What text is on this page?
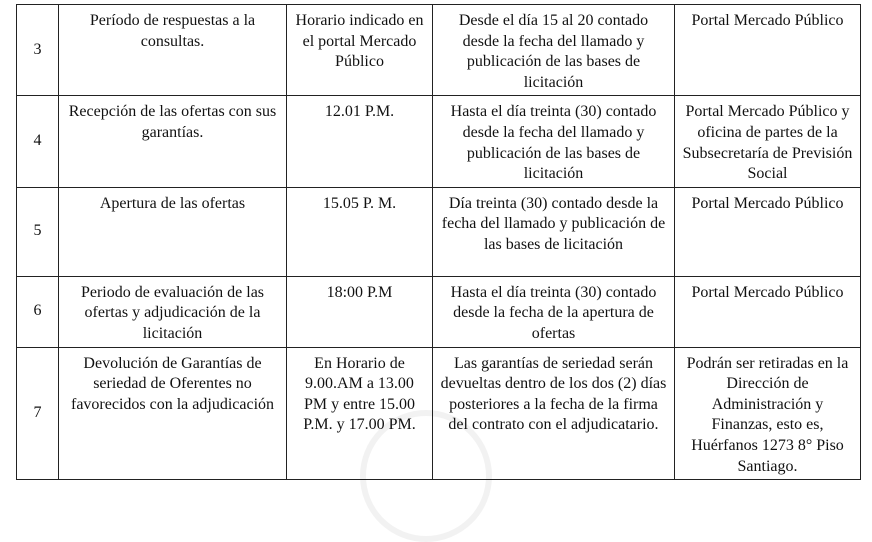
3	Período de respuestas a la consultas.	Horario indicado en el portal Mercado Público	Desde el día 15 al 20 contado desde la fecha del llamado y publicación de las bases de licitación	Portal Mercado Público
4	Recepción de las ofertas con sus garantías.	12.01 P.M.	Hasta el día treinta (30) contado desde la fecha del llamado y publicación de las bases de licitación	Portal Mercado Público y oficina de partes de la Subsecretaría de Previsión Social
5	Apertura de las ofertas	15.05 P. M.	Día treinta (30) contado desde la fecha del llamado y publicación de las bases de licitación	Portal Mercado Público
6	Periodo de evaluación de las ofertas y adjudicación de la licitación	18:00 P.M	Hasta el día treinta (30) contado desde la fecha de la apertura de ofertas	Portal Mercado Público
7	Devolución de Garantías de seriedad de Oferentes no favorecidos con la adjudicación	En Horario de 9.00.AM a 13.00 PM y entre 15.00 P.M. y 17.00 PM.	Las garantías de seriedad serán devueltas dentro de los dos (2) días posteriores a la fecha de la firma del contrato con el adjudicatario.	Podrán ser retiradas en la Dirección de Administración y Finanzas, esto es, Huérfanos 1273 8° Piso Santiago.
